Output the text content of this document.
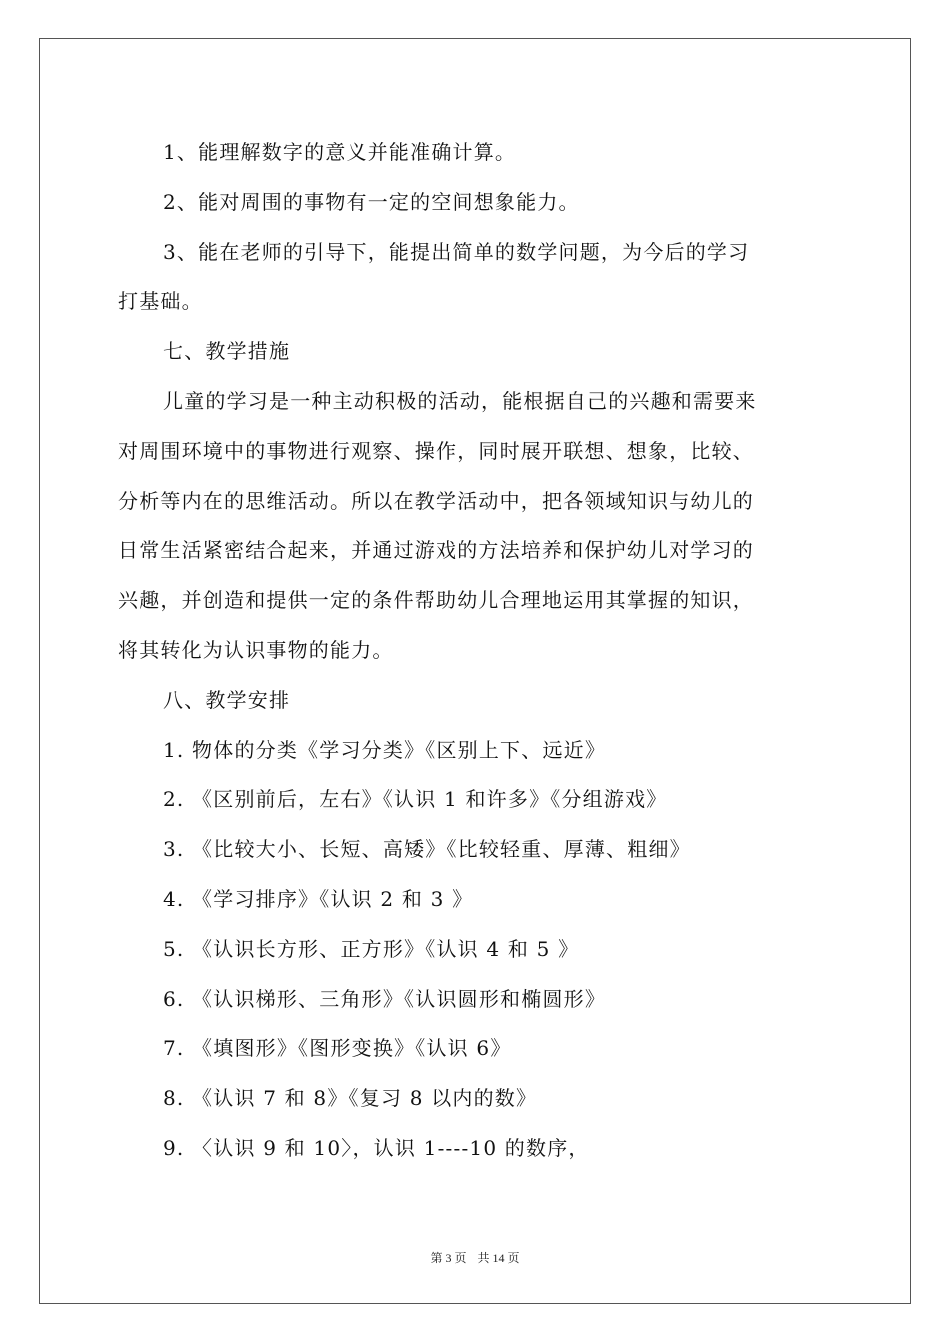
1、能理解数字的意义并能准确计算。
2、能对周围的事物有一定的空间想象能力。
3、能在老师的引导下，能提出简单的数学问题，为今后的学习
打基础。
七、教学措施
儿童的学习是一种主动积极的活动，能根据自己的兴趣和需要来
对周围环境中的事物进行观察、操作，同时展开联想、想象，比较、
分析等内在的思维活动。所以在教学活动中，把各领域知识与幼儿的
日常生活紧密结合起来，并通过游戏的方法培养和保护幼儿对学习的
兴趣，并创造和提供一定的条件帮助幼儿合理地运用其掌握的知识，
将其转化为认识事物的能力。
八、教学安排
1. 物体的分类《学习分类》《区别上下、远近》
2. 《区别前后，左右》《认识 1 和许多》《分组游戏》
3. 《比较大小、长短、高矮》《比较轻重、厚薄、粗细》
4. 《学习排序》《认识 2 和 3 》
5. 《认识长方形、正方形》《认识 4 和 5 》
6. 《认识梯形、三角形》《认识圆形和椭圆形》
7. 《填图形》《图形变换》《认识 6》
8. 《认识 7 和 8》《复习 8 以内的数》
9. 〈认识 9 和 10〉，认识 1----10 的数序，
第 3 页 共 14 页
